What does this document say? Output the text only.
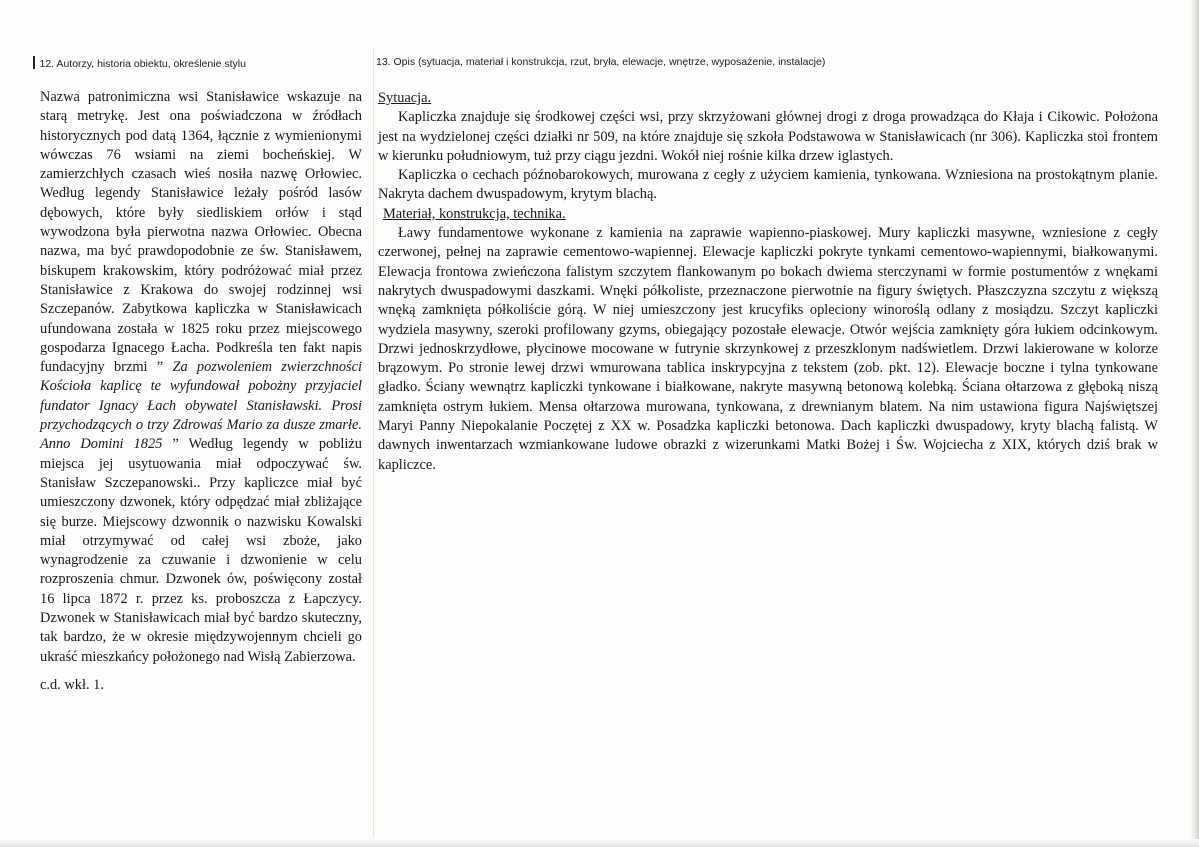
12. Autorzy, historia obiektu, określenie stylu	13. Opis (sytuacja, materiał i konstrukcja, rzut, bryła, elewacje, wnętrze, wyposażenie, instalacje)

Nazwa patronimiczna wsi Stanisławice wskazuje na starą metrykę. Jest ona poświadczona w źródłach historycznych pod datą 1364, łącznie z wymienionymi wówczas 76 wsiami na ziemi bocheńskiej. W zamierzchłych czasach wieś nosiła nazwę Orłowiec. Według legendy Stanisławice leżały pośród lasów dębowych, które były siedliskiem orłów i stąd wywodzona była pierwotna nazwa Orłowiec. Obecna nazwa, ma być prawdopodobnie ze św. Stanisławem, biskupem krakowskim, który podróżować miał przez Stanisławice z Krakowa do swojej rodzinnej wsi Szczepanów. Zabytkowa kapliczka w Stanisławicach ufundowana została w 1825 roku przez miejscowego gospodarza Ignacego Łacha. Podkreśla ten fakt napis fundacyjny brzmi ” Za pozwoleniem zwierzchności Kościoła kaplicę te wyfundował pobożny przyjaciel fundator Ignacy Łach obywatel Stanisławski. Prosi przychodzących o trzy Zdrowaś Mario za dusze zmarłe. Anno Domini 1825 ” Według legendy w pobliżu miejsca jej usytuowania miał odpoczywać św. Stanisław Szczepanowski.. Przy kapliczce miał być umieszczony dzwonek, który odpędzać miał zbliżające się burze. Miejscowy dzwonnik o nazwisku Kowalski miał otrzymywać od całej wsi zboże, jako wynagrodzenie za czuwanie i dzwonienie w celu rozproszenia chmur. Dzwonek ów, poświęcony został 16 lipca 1872 r. przez ks. proboszcza z Łapczycy. Dzwonek w Stanisławicach miał być bardzo skuteczny, tak bardzo, że w okresie międzywojennym chcieli go ukraść mieszkańcy położonego nad Wisłą Zabierzowa.

c.d. wkł. 1.

Sytuacja.

Kapliczka znajduje się środkowej części wsi, przy skrzyżowani głównej drogi z droga prowadząca do Kłaja i Cikowic. Położona jest na wydzielonej części działki nr 509, na które znajduje się szkoła Podstawowa w Stanisławicach (nr 306). Kapliczka stoi frontem w kierunku południowym, tuż przy ciągu jezdni. Wokół niej rośnie kilka drzew iglastych.

Kapliczka o cechach późnobarokowych, murowana z cegły z użyciem kamienia, tynkowana. Wzniesiona na prostokątnym planie. Nakryta dachem dwuspadowym, krytym blachą.

Materiał, konstrukcja, technika.

Ławy fundamentowe wykonane z kamienia na zaprawie wapienno-piaskowej. Mury kapliczki masywne, wzniesione z cegły czerwonej, pełnej na zaprawie cementowo-wapiennej. Elewacje kapliczki pokryte tynkami cementowo-wapiennymi, białkowanymi. Elewacja frontowa zwieńczona falistym szczytem flankowanym po bokach dwiema sterczynami w formie postumentów z wnękami nakrytych dwuspadowymi daszkami. Wnęki półkoliste, przeznaczone pierwotnie na figury świętych. Płaszczyzna szczytu z większą wnęką zamknięta półkoliście górą. W niej umieszczony jest krucyfiks opleciony winoroślą odlany z mosiądzu. Szczyt kapliczki wydziela masywny, szeroki profilowany gzyms, obiegający pozostałe elewacje. Otwór wejścia zamknięty góra łukiem odcinkowym. Drzwi jednoskrzydłowe, płycinowe mocowane w futrynie skrzynkowej z przeszklonym nadświetlem. Drzwi lakierowane w kolorze brązowym. Po stronie lewej drzwi wmurowana tablica inskrypcyjna z tekstem (zob. pkt. 12). Elewacje boczne i tylna tynkowane gładko. Ściany wewnątrz kapliczki tynkowane i białkowane, nakryte masywną betonową kolebką. Ściana ołtarzowa z głęboką niszą zamknięta ostrym łukiem. Mensa ołtarzowa murowana, tynkowana, z drewnianym blatem. Na nim ustawiona figura Najświętszej Maryi Panny Niepokalanie Poczętej z XX w. Posadzka kapliczki betonowa. Dach kapliczki dwuspadowy, kryty blachą falistą. W dawnych inwentarzach wzmiankowane ludowe obrazki z wizerunkami Matki Bożej i Św. Wojciecha z XIX, których dziś brak w kapliczce.
